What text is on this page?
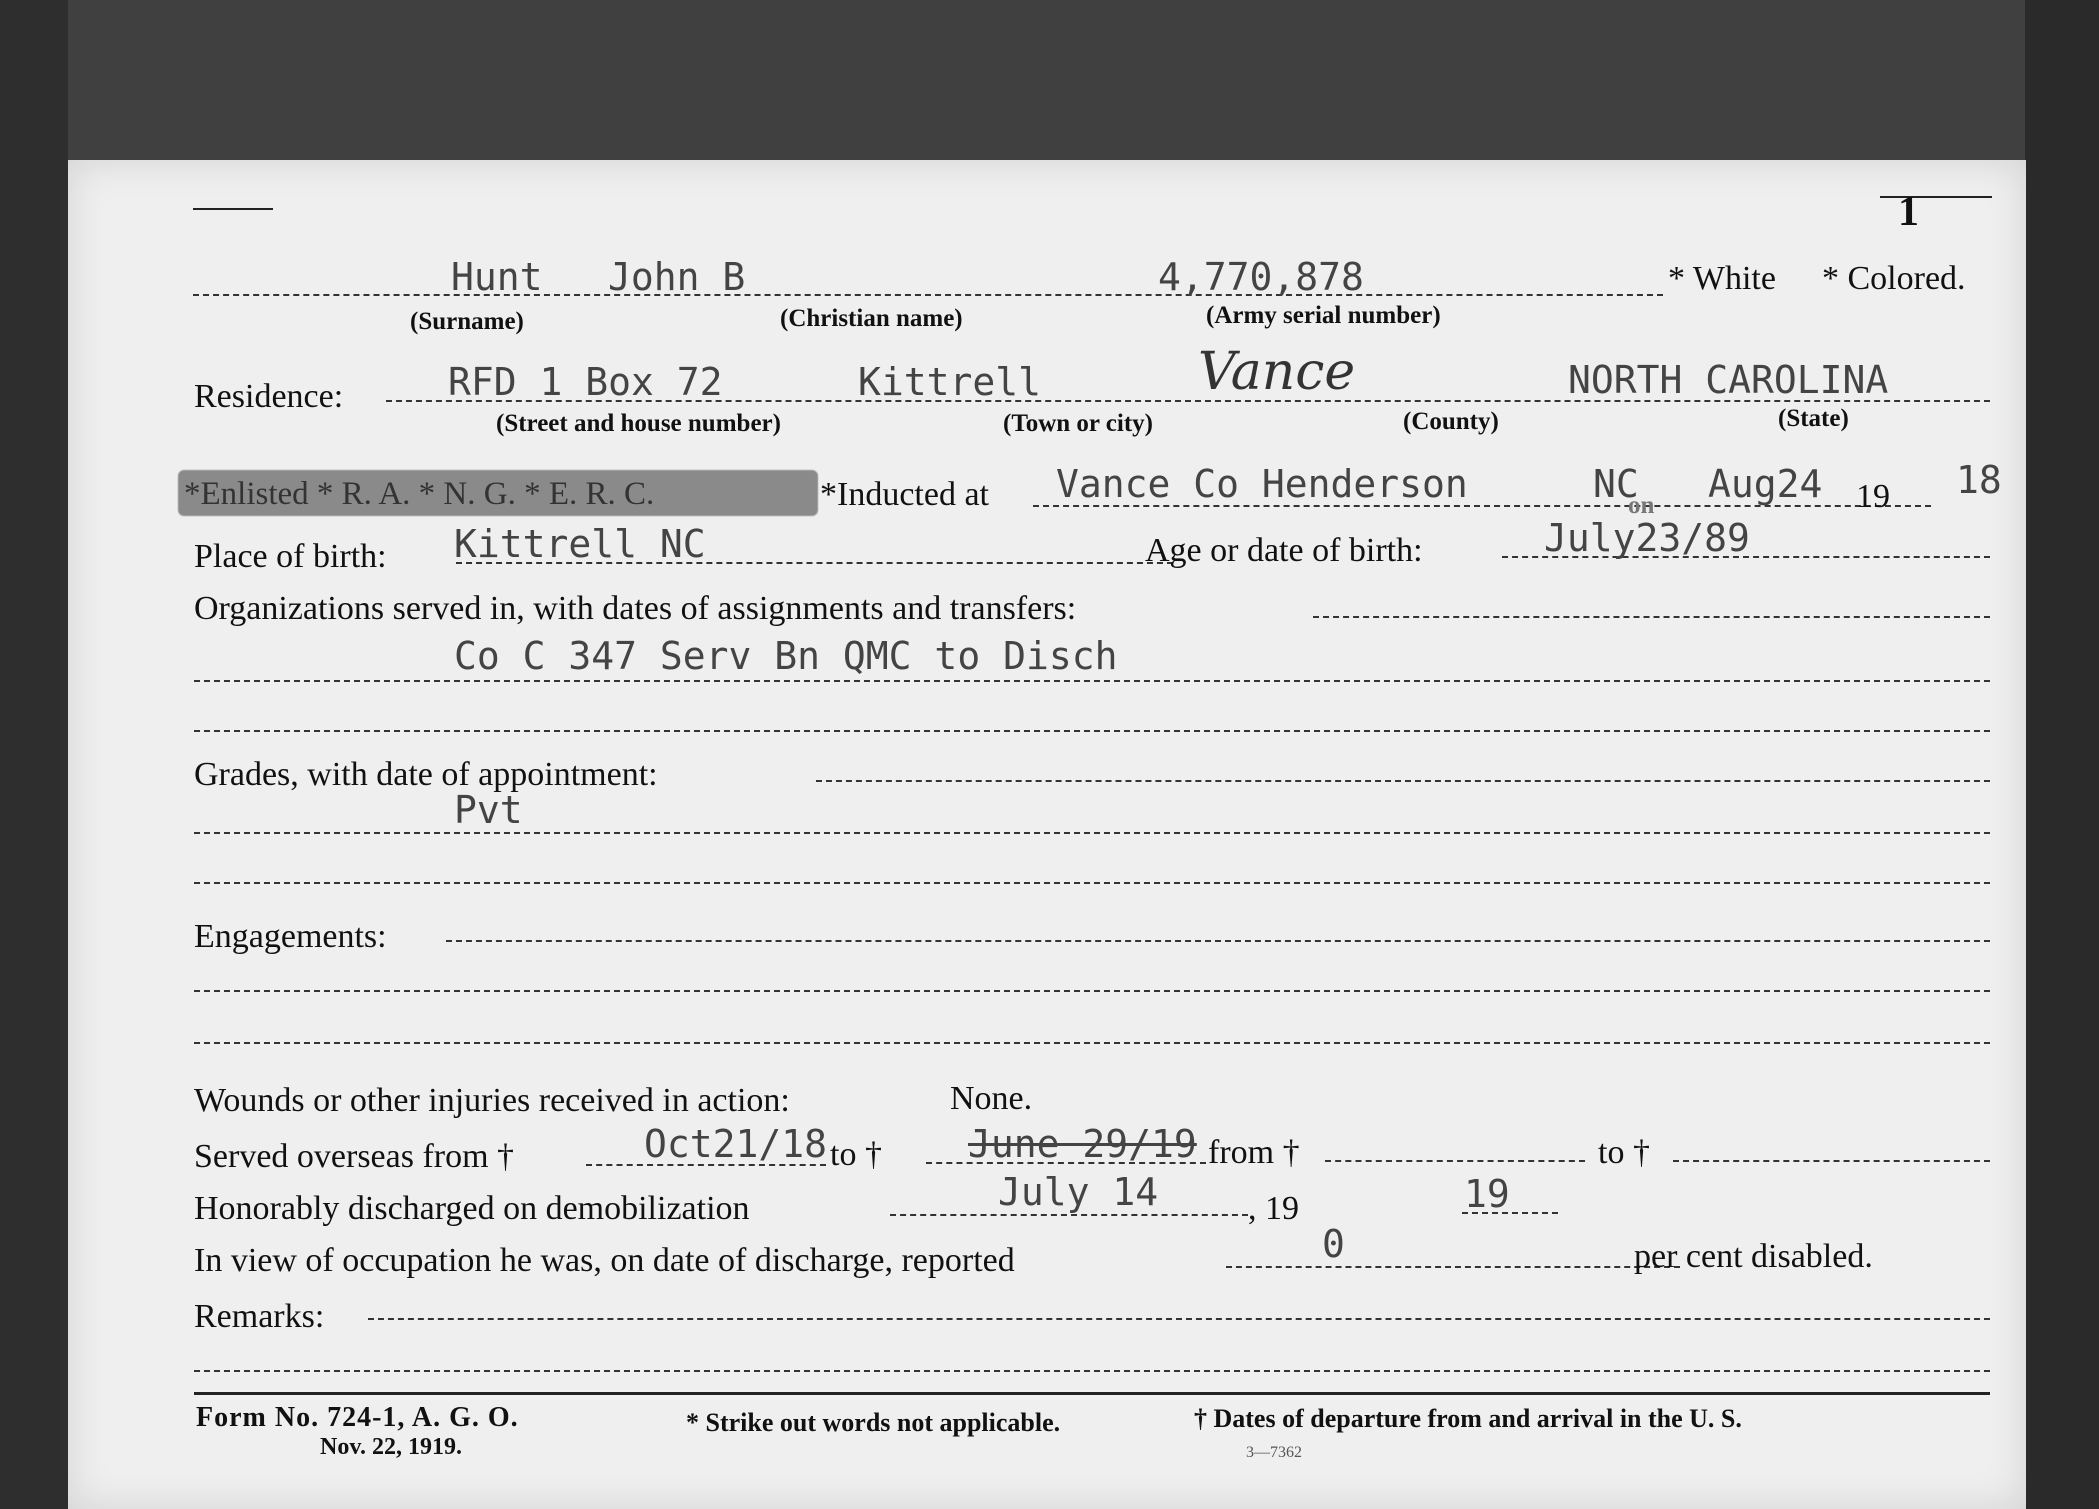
1
Hunt John B	4,770,878	* White * Colored.
(Surname)	(Christian name)	(Army serial number)
Residence:	RFD 1 Box 72	Kittrell	Vance	NORTH CAROLINA
(Street and house number)	(Town or city)	(County)	(State)
*Enlisted * R. A. * N. G. * E. R. C.	*Inducted at Vance Co Henderson	NC
on Aug24 19 18
Place of birth: Kittrell NC	Age or date of birth:	July23/89
Organizations served in, with dates of assignments and transfers:
Co C 347 Serv Bn QMC to Disch
Grades, with date of appointment:
Pvt
Engagements:
Wounds or other injuries received in action:	None.
Served overseas from †	Oct21/18 to † June 29/19 from †	to †
Honorably discharged on demobilization	July 14	, 19	19
In view of occupation he was, on date of discharge, reported	0	per cent disabled.
Remarks:
Form No. 724-1, A. G. O.
Nov. 22, 1919.
* Strike out words not applicable.	† Dates of departure from and arrival in the U. S.
3—7362
